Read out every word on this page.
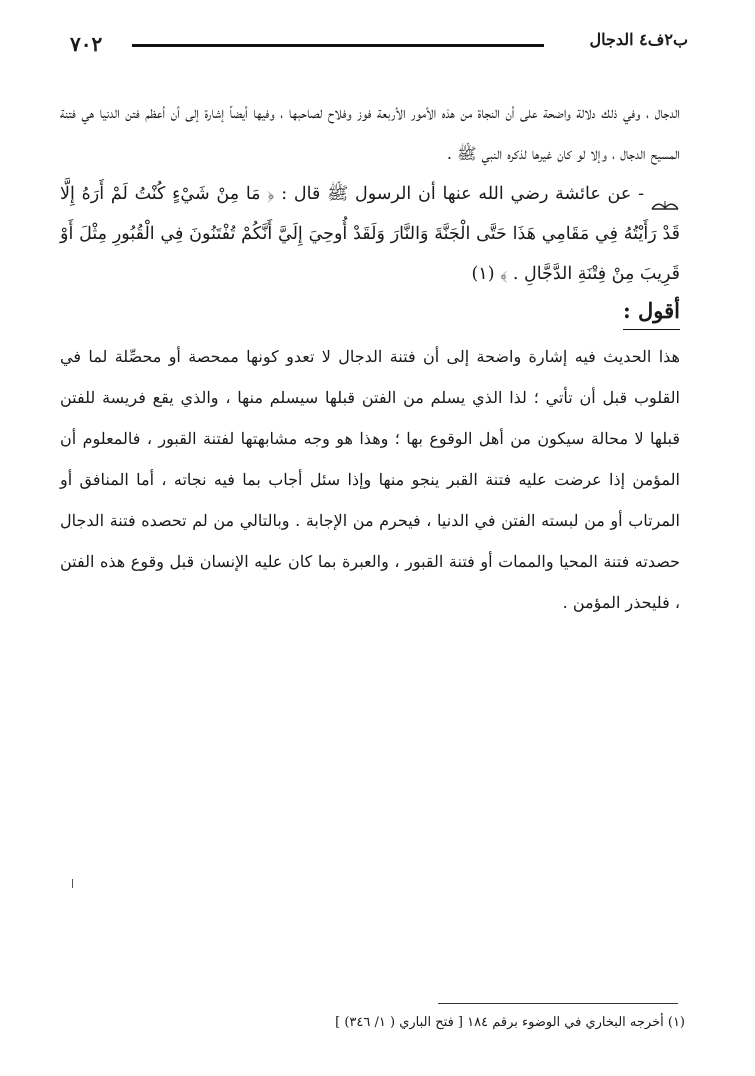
٧٠٢	ب٢ف٤ الدجال

الدجال ، وفي ذلك دلالة واضحة على أن النجاة من هذه الأمور الأربعة فوز وفلاح لصاحبها ، وفيها أيضاً إشارة إلى أن أعظم فتن الدنيا هي فتنة المسيح الدجال ، وإلا لو كان غيرها لذكره النبي ﷺ .

- عن عائشة رضي الله عنها أن الرسول ﷺ قال : ﴿ مَا مِنْ شَيْءٍ كُنْتُ لَمْ أَرَهُ إِلَّا قَدْ رَأَيْتُهُ فِي مَقَامِي هَذَا حَتَّى الْجَنَّةَ وَالنَّارَ وَلَقَدْ أُوحِيَ إِلَيَّ أَنَّكُمْ تُفْتَنُونَ فِي الْقُبُورِ مِثْلَ أَوْ قَرِيبَ مِنْ فِتْنَةِ الدَّجَّالِ . ﴾ (١)

أقول :

هذا الحديث فيه إشارة واضحة إلى أن فتنة الدجال لا تعدو كونها ممحصة أو محصِّلة لما في القلوب قبل أن تأتي ؛ لذا الذي يسلم من الفتن قبلها سيسلم منها ، والذي يقع فريسة للفتن قبلها لا محالة سيكون من أهل الوقوع بها ؛ وهذا هو وجه مشابهتها لفتنة القبور ، فالمعلوم أن المؤمن إذا عرضت عليه فتنة القبر ينجو منها وإذا سئل أجاب بما فيه نجاته ، أما المنافق أو المرتاب أو من لبسته الفتن في الدنيا ، فيحرم من الإجابة . وبالتالي من لم تحصده فتنة الدجال حصدته فتنة المحيا والممات أو فتنة القبور ، والعبرة بما كان عليه الإنسان قبل وقوع هذه الفتن ، فليحذر المؤمن .

(١) أخرجه البخاري في الوضوء برقم ١٨٤ [ فتح الباري ( ١/ ٣٤٦) ]
